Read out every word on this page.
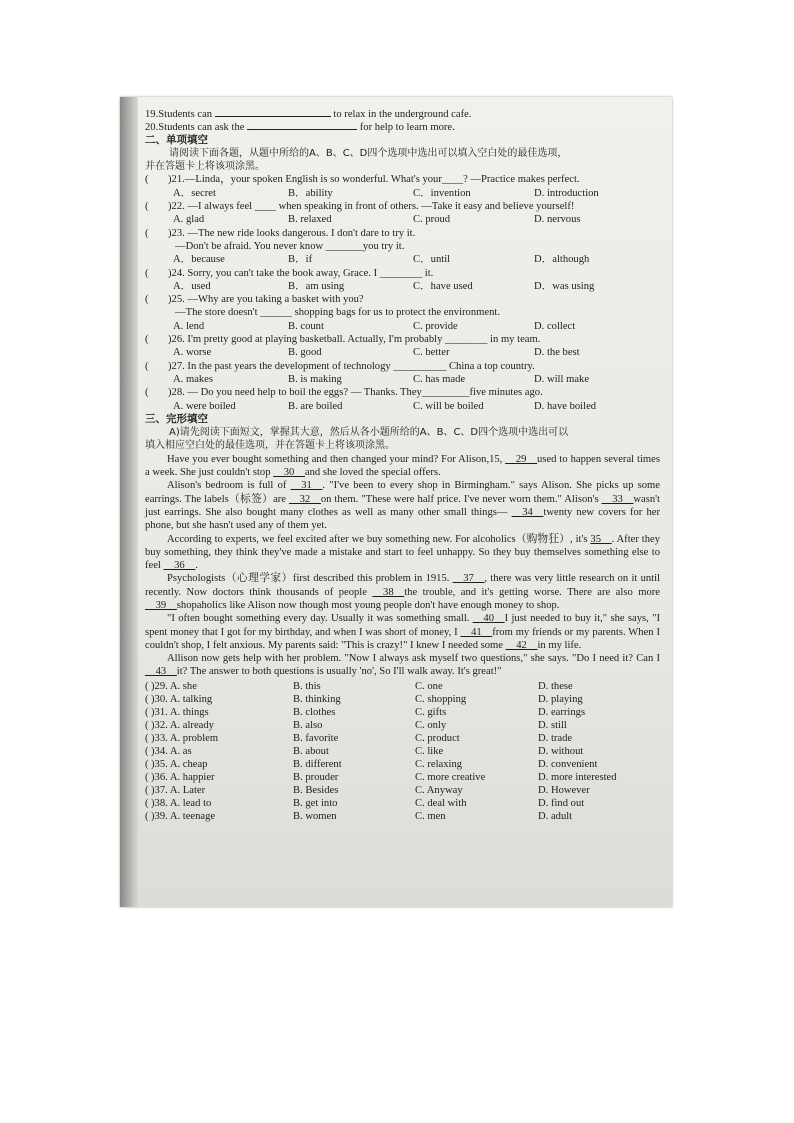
19.Students can	to relax in the underground cafe.
20.Students can ask the	for help to learn more.
二、单项填空
请阅读下面各题，从题中所给的A、B、C、D四个选项中选出可以填入空白处的最佳选项，
并在答题卡上将该项涂黑。
( )21.—Linda，your spoken English is so wonderful. What's your____? —Practice makes perfect.
A．secret	B．ability	C．invention	D. introduction
( )22. —I always feel ____ when speaking in front of others. —Take it easy and believe yourself!
A. glad	B. relaxed	C. proud	D. nervous
( )23. —The new ride looks dangerous. I don't dare to try it.
—Don't be afraid. You never know _______you try it.
A．because	B．if	C．until	D．although
( )24. Sorry, you can't take the book away, Grace. I ________ it.
A．used	B．am using	C．have used	D．was using
( )25. —Why are you taking a basket with you?
—The store doesn't ______ shopping bags for us to protect the environment.
A. lend	B. count	C. provide	D. collect
( )26. I'm pretty good at playing basketball. Actually, I'm probably ________ in my team.
A. worse	B. good	C. better	D. the best
( )27. In the past years the development of technology __________ China a top country.
A. makes	B. is making	C. has made	D. will make
( )28. — Do you need help to boil the eggs? — Thanks. They_________five minutes ago.
A. were boiled	B. are boiled	C. will be boiled	D. have boiled
三、完形填空
A)请先阅读下面短文，掌握其大意，然后从各小题所给的A、B、C、D四个选项中选出可以
填入相应空白处的最佳选项，并在答题卡上将该项涂黑。

Have you ever bought something and then changed your mind? For Alison,15, __29__used to happen several times a week. She just couldn't stop __30__and she loved the special offers.

Alison's bedroom is full of __31__. "I've been to every shop in Birmingham." says Alison. She picks up some earrings. The labels（标签）are __32__on them. "These were half price. I've never worn them." Alison's __33__wasn't just earrings. She also bought many clothes as well as many other small things— __34__twenty new covers for her phone, but she hasn't used any of them yet.

According to experts, we feel excited after we buy something new. For alcoholics（购物狂）, it's 35__. After they buy something, they think they've made a mistake and start to feel unhappy. So they buy themselves something else to feel __36__.

Psychologists（心理学家）first described this problem in 1915. __37__, there was very little research on it until recently. Now doctors think thousands of people __38__the trouble, and it's getting worse. There are also more __39__shopaholics like Alison now though most young people don't have enough money to shop.

"I often bought something every day. Usually it was something small. __40__I just needed to buy it," she says, "I spent money that I got for my birthday, and when I was short of money, I __41__from my friends or my parents. When I couldn't shop, I felt anxious. My parents said: "This is crazy!" I knew I needed some __42__in my life.

Allison now gets help with her problem. "Now I always ask myself two questions," she says. "Do I need it? Can I __43__it? The answer to both questions is usually 'no', So I'll walk away. It's great!"

( )29. A. she	B. this	C. one	D. these
( )30. A. talking	B. thinking	C. shopping	D. playing
( )31. A. things	B. clothes	C. gifts	D. earrings
( )32. A. already	B. also	C. only	D. still
( )33. A. problem	B. favorite	C. product	D. trade
( )34. A. as	B. about	C. like	D. without
( )35. A. cheap	B. different	C. relaxing	D. convenient
( )36. A. happier	B. prouder	C. more creative	D. more interested
( )37. A. Later	B. Besides	C. Anyway	D. However
( )38. A. lead to	B. get into	C. deal with	D. find out
( )39. A. teenage	B. women	C. men	D. adult
